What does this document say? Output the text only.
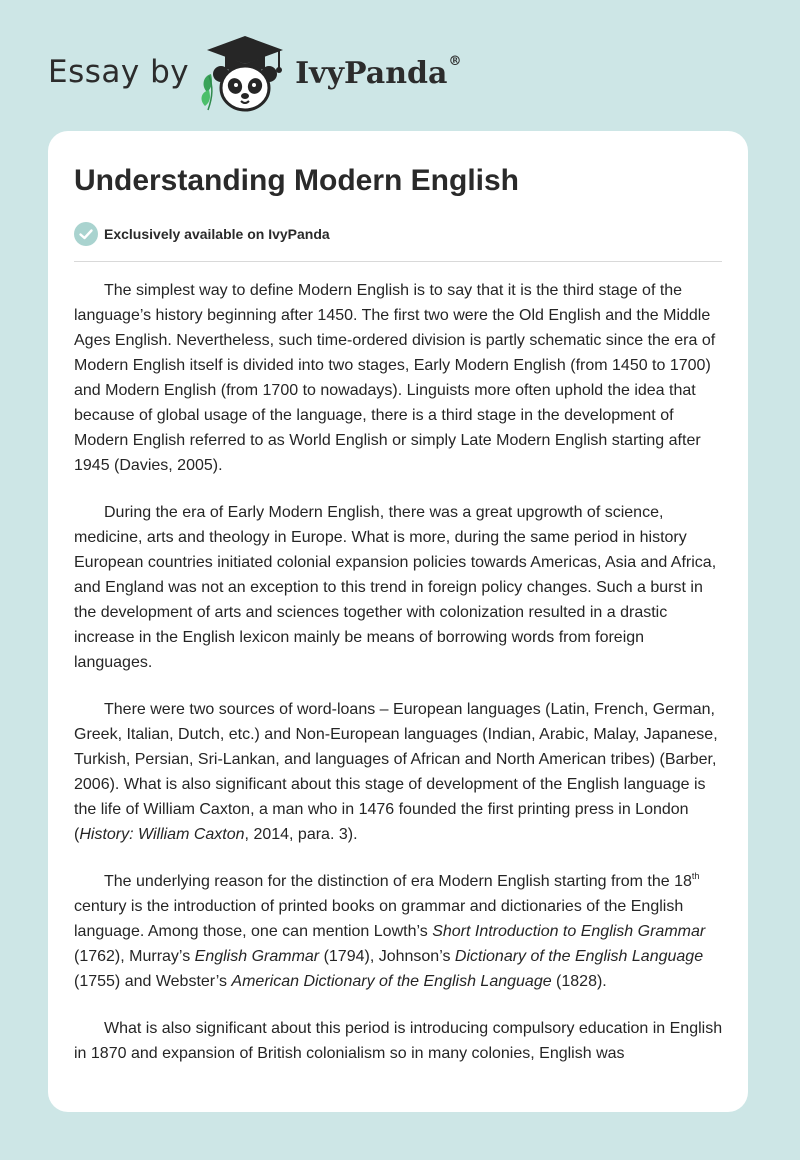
Essay by	IvyPanda®
Understanding Modern English
Exclusively available on IvyPanda

The simplest way to define Modern English is to say that it is the third stage of the language’s history beginning after 1450. The first two were the Old English and the Middle Ages English. Nevertheless, such time-ordered division is partly schematic since the era of Modern English itself is divided into two stages, Early Modern English (from 1450 to 1700) and Modern English (from 1700 to nowadays). Linguists more often uphold the idea that because of global usage of the language, there is a third stage in the development of Modern English referred to as World English or simply Late Modern English starting after 1945 (Davies, 2005).

During the era of Early Modern English, there was a great upgrowth of science, medicine, arts and theology in Europe. What is more, during the same period in history European countries initiated colonial expansion policies towards Americas, Asia and Africa, and England was not an exception to this trend in foreign policy changes. Such a burst in the development of arts and sciences together with colonization resulted in a drastic increase in the English lexicon mainly be means of borrowing words from foreign languages.

There were two sources of word-loans – European languages (Latin, French, German, Greek, Italian, Dutch, etc.) and Non-European languages (Indian, Arabic, Malay, Japanese, Turkish, Persian, Sri-Lankan, and languages of African and North American tribes) (Barber, 2006). What is also significant about this stage of development of the English language is the life of William Caxton, a man who in 1476 founded the first printing press in London (History: William Caxton, 2014, para. 3).

The underlying reason for the distinction of era Modern English starting from the 18th century is the introduction of printed books on grammar and dictionaries of the English language. Among those, one can mention Lowth’s Short Introduction to English Grammar (1762), Murray’s English Grammar (1794), Johnson’s Dictionary of the English Language (1755) and Webster’s American Dictionary of the English Language (1828).

What is also significant about this period is introducing compulsory education in English in 1870 and expansion of British colonialism so in many colonies, English was
